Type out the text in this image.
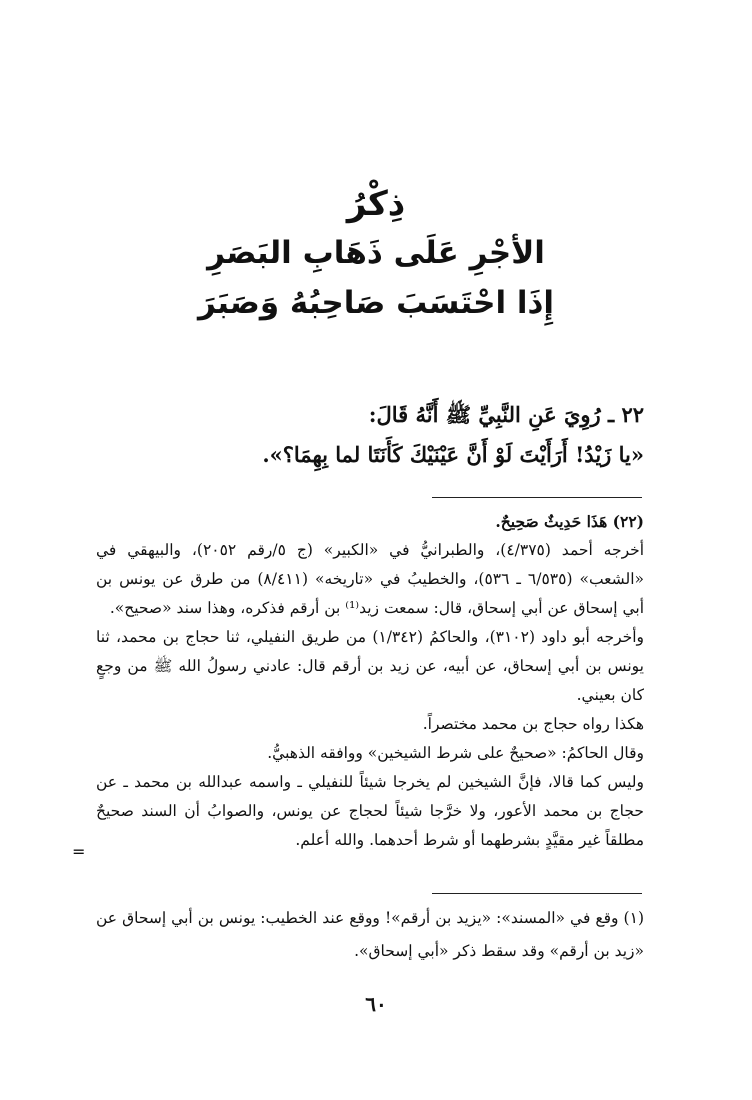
ذِكْرُ

الأجْرِ عَلَى ذَهَابِ البَصَرِ

إِذَا احْتَسَبَ صَاحِبُهُ وَصَبَرَ

٢٢ ـ رُوِيَ عَنِ النَّبِيِّ ﷺ أَنَّهُ قَالَ:

«يا زَيْدُ! أَرَأَيْتَ لَوْ أَنَّ عَيْنَيْكَ كَأَنَتَا لما بِهِمَا؟».

(٢٢) هَذَا حَدِيثٌ صَحِيحٌ.

أخرجه أحمد (٤/٣٧٥)، والطبرانيُّ في «الكبير» (ج ٥/رقم ٢٠٥٢)، والبيهقي في «الشعب» (٦/٥٣٥ ـ ٥٣٦)، والخطيبُ في «تاريخه» (٨/٤١١) من طرق عن يونس بن أبي إسحاق عن أبي إسحاق، قال: سمعت زيد⁽¹⁾ بن أرقم فذكره، وهذا سند «صحيح».

وأخرجه أبو داود (٣١٠٢)، والحاكمُ (١/٣٤٢) من طريق النفيلي، ثنا حجاج بن محمد، ثنا يونس بن أبي إسحاق، عن أبيه، عن زيد بن أرقم قال: عادني رسولُ الله ﷺ من وجعٍ كان بعيني.

هكذا رواه حجاج بن محمد مختصراً.

وقال الحاكمُ: «صحيحٌ على شرط الشيخين» ووافقه الذهبيُّ.

وليس كما قالا، فإنَّ الشيخين لم يخرجا شيئاً للنفيلي ـ واسمه عبدالله بن محمد ـ عن حجاج بن محمد الأعور، ولا خرَّجا شيئاً لحجاج عن يونس، والصوابُ أن السند صحيحٌ مطلقاً غير مقيَّدٍ بشرطهما أو شرط أحدهما. والله أعلم.

=

(١) وقع في «المسند»: «يزيد بن أرقم»! ووقع عند الخطيب: يونس بن أبي إسحاق عن «زيد بن أرقم» وقد سقط ذكر «أبي إسحاق».

٦٠
